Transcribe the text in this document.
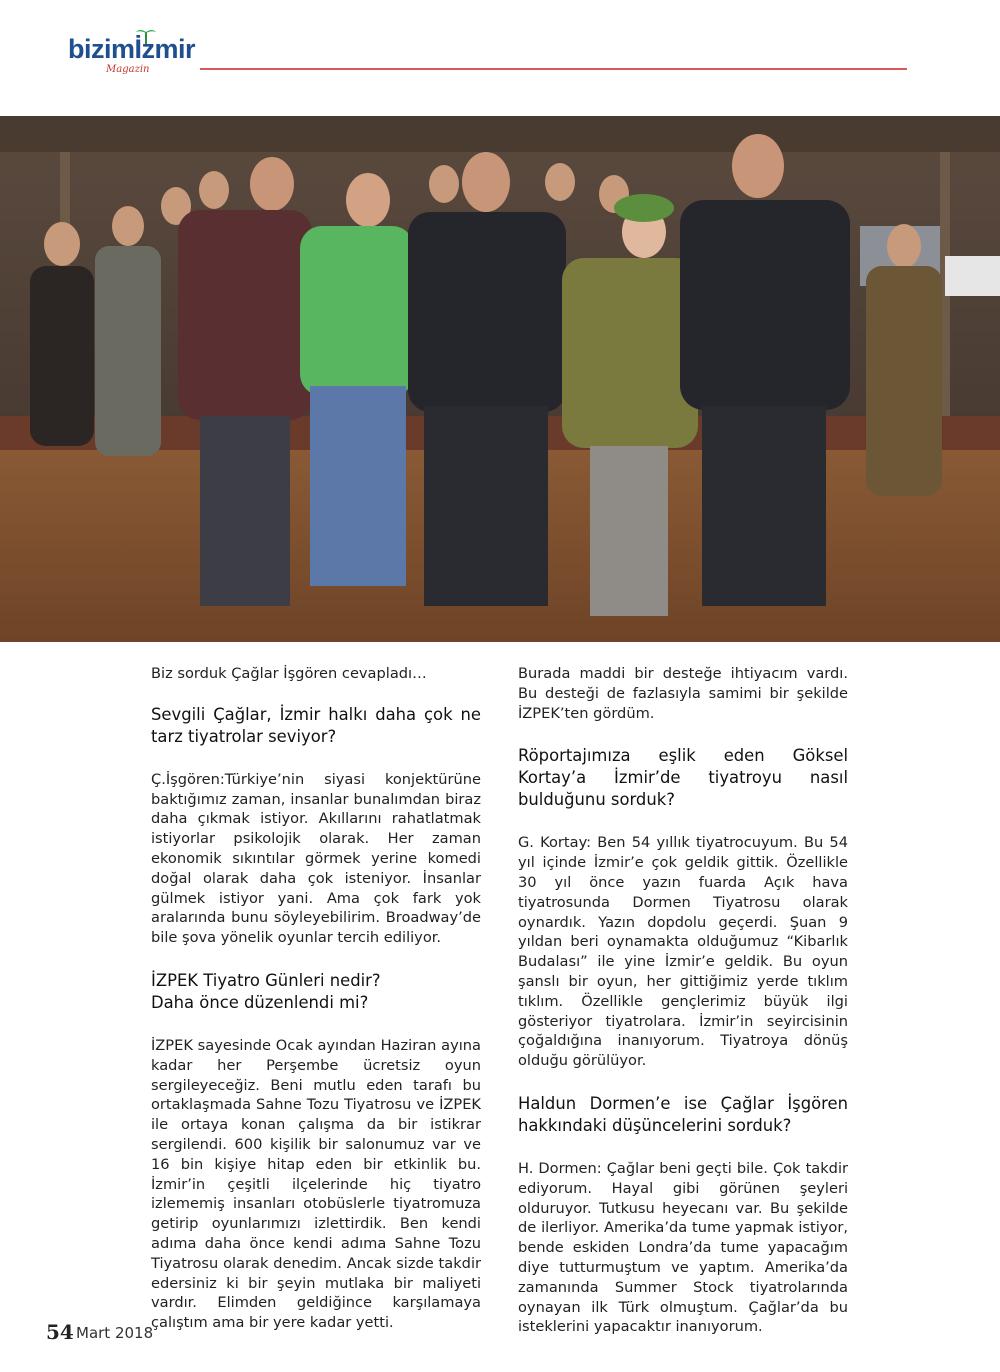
bizimİzmir
Magazin

Biz sorduk Çağlar İşgören cevapladı…

Sevgili Çağlar, İzmir halkı daha çok ne tarz tiyatrolar seviyor?

Ç.İşgören:Türkiye’nin siyasi konjektürüne baktığımız zaman, insanlar bunalımdan biraz daha çıkmak istiyor. Akıllarını rahatlatmak istiyorlar psikolojik olarak. Her zaman ekonomik sıkıntılar görmek yerine komedi doğal olarak daha çok isteniyor. İnsanlar gülmek istiyor yani. Ama çok fark yok aralarında bunu söyleyebilirim. Broadway’de bile şova yönelik oyunlar tercih ediliyor.

İZPEK Tiyatro Günleri nedir?
Daha önce düzenlendi mi?

İZPEK sayesinde Ocak ayından Haziran ayına kadar her Perşembe ücretsiz oyun sergileyeceğiz. Beni mutlu eden tarafı bu ortaklaşmada Sahne Tozu Tiyatrosu ve İZPEK ile ortaya konan çalışma da bir istikrar sergilendi. 600 kişilik bir salonumuz var ve 16 bin kişiye hitap eden bir etkinlik bu. İzmir’in çeşitli ilçelerinde hiç tiyatro izlememiş insanları otobüslerle tiyatromuza getirip oyunlarımızı izlettirdik. Ben kendi adıma daha önce kendi adıma Sahne Tozu Tiyatrosu olarak denedim. Ancak sizde takdir edersiniz ki bir şeyin mutlaka bir maliyeti vardır. Elimden geldiğince karşılamaya çalıştım ama bir yere kadar yetti.

Burada maddi bir desteğe ihtiyacım vardı. Bu desteği de fazlasıyla samimi bir şekilde İZPEK’ten gördüm.

Röportajımıza eşlik eden Göksel Kortay’a İzmir’de tiyatroyu nasıl bulduğunu sorduk?

G. Kortay: Ben 54 yıllık tiyatrocuyum. Bu 54 yıl içinde İzmir’e çok geldik gittik. Özellikle 30 yıl önce yazın fuarda Açık hava tiyatrosunda Dormen Tiyatrosu olarak oynardık. Yazın dopdolu geçerdi. Şuan 9 yıldan beri oynamakta olduğumuz “Kibarlık Budalası” ile yine İzmir’e geldik. Bu oyun şanslı bir oyun, her gittiğimiz yerde tıklım tıklım. Özellikle gençlerimiz büyük ilgi gösteriyor tiyatrolara. İzmir’in seyircisinin çoğaldığına inanıyorum. Tiyatroya dönüş olduğu görülüyor.

Haldun Dormen’e ise Çağlar İşgören hakkındaki düşüncelerini sorduk?

H. Dormen: Çağlar beni geçti bile. Çok takdir ediyorum. Hayal gibi görünen şeyleri olduruyor. Tutkusu heyecanı var. Bu şekilde de ilerliyor. Amerika’da tume yapmak istiyor, bende eskiden Londra’da tume yapacağım diye tutturmuştum ve yaptım. Amerika’da zamanında Summer Stock tiyatrolarında oynayan ilk Türk olmuştum. Çağlar’da bu isteklerini yapacaktır inanıyorum.

54 Mart 2018
